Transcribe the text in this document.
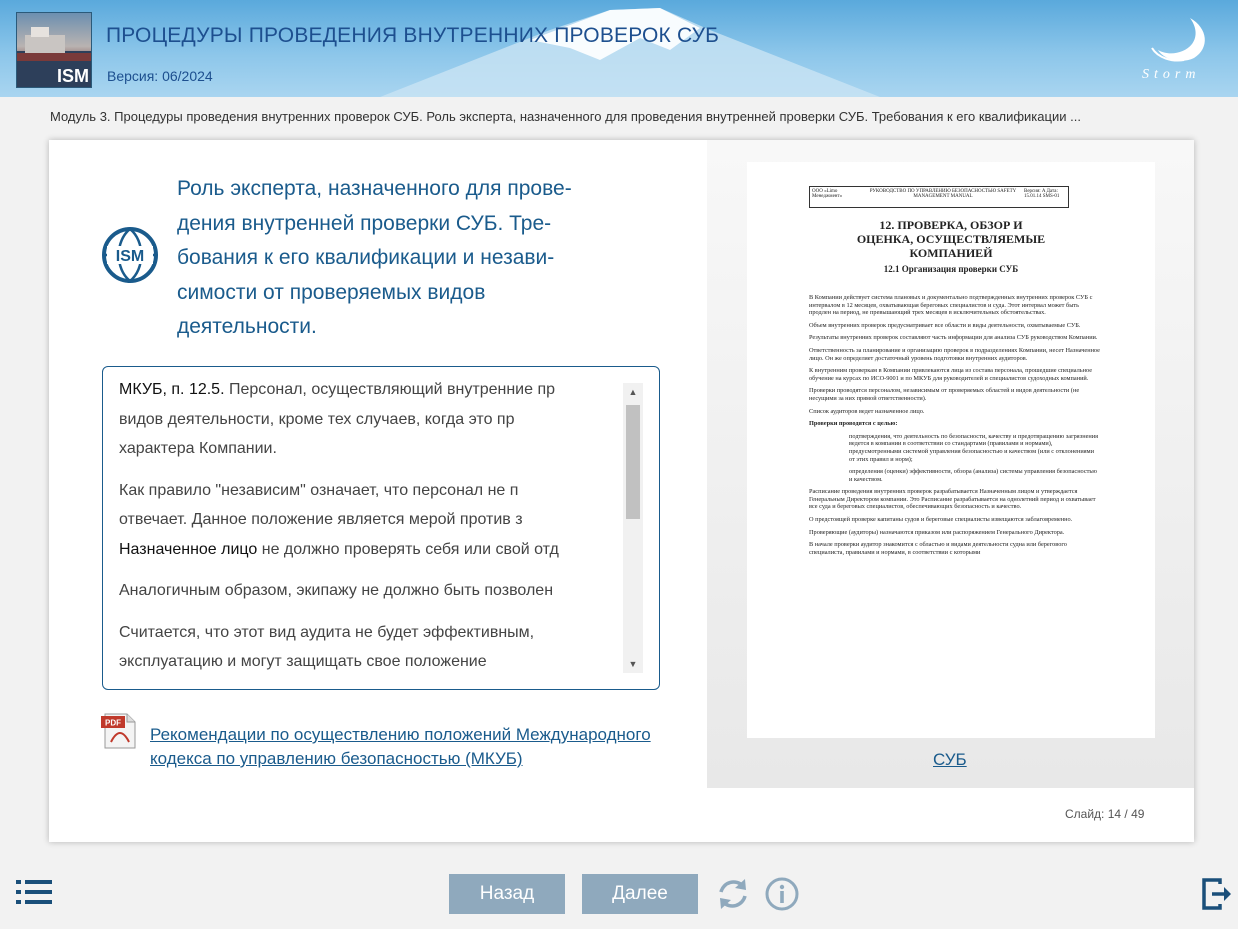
ISM
ПРОЦЕДУРЫ ПРОВЕДЕНИЯ ВНУТРЕННИХ ПРОВЕРОК СУБ
Версия: 06/2024	Storm
Модуль 3. Процедуры проведения внутренних проверок СУБ. Роль эксперта, назначенного для проведения внутренней проверки СУБ. Требования к его квалификации ...
ISM
Роль эксперта, назначенного для прове-
дения внутренней проверки СУБ. Тре-
бования к его квалификации и незави-
симости от проверяемых видов
деятельности.

МКУБ, п. 12.5. Персонал, осуществляющий внутренние пр
видов деятельности, кроме тех случаев, когда это пр
характера Компании.

Как правило "независим" означает, что персонал не п
отвечает. Данное положение является мерой против з
Назначенное лицо не должно проверять себя или свой отд

Аналогичным образом, экипажу не должно быть позволен

Считается, что этот вид аудита не будет эффективным,
эксплуатацию и могут защищать свое положение

▲
▼
PDF
Рекомендации по осуществлению положений Международного кодекса по управлению безопасностью (МКУБ)
ООО «Limo Менеджмент»
РУКОВОДСТВО ПО УПРАВЛЕНИЮ БЕЗОПАСНОСТЬЮ SAFETY MANAGEMENT MANUAL
Версия: A Дата: 15.01.14 SMS-01
12. ПРОВЕРКА, ОБЗОР И ОЦЕНКА, ОСУЩЕСТВЛЯЕМЫЕ КОМПАНИЕЙ
12.1 Организация проверки СУБ

В Компании действует система плановых и документально подтвержденных внутренних проверок СУБ с интервалом в 12 месяцев, охватывающая береговых специалистов и суда. Этот интервал может быть продлен на период, не превышающий трех месяцев в исключительных обстоятельствах.

Объем внутренних проверок предусматривает все области и виды деятельности, охватываемые СУБ.

Результаты внутренних проверок составляют часть информации для анализа СУБ руководством Компании.

Ответственность за планирование и организацию проверок в подразделениях Компании, несет Назначенное лицо. Он же определяет достаточный уровень подготовки внутренних аудиторов.

К внутренним проверкам в Компании привлекаются лица из состава персонала, прошедшие специальное обучение на курсах по ИСО-9001 и по МКУБ для руководителей и специалистов судоходных компаний.

Проверки проводятся персоналом, независимым от проверяемых областей и видов деятельности (не несущими за них прямой ответственности).

Список аудиторов ведет назначенное лицо.

Проверки проводятся с целью:

подтверждения, что деятельность по безопасности, качеству и предотвращению загрязнения ведется в компании в соответствии со стандартами (правилами и нормами), предусмотренными системой управления безопасностью и качеством (или с отклонениями от этих правил и норм);

определения (оценки) эффективности, обзора (анализа) системы управления безопасностью и качеством.

Расписание проведения внутренних проверок разрабатывается Назначенным лицом и утверждается Генеральным Директором компании. Это Расписание разрабатывается на однолетний период и охватывает все суда и береговых специалистов, обеспечивающих безопасность и качество.

О предстоящей проверке капитаны судов и береговые специалисты извещаются заблаговременно.

Проверяющие (аудиторы) назначаются приказом или распоряжением Генерального Директора.

В начале проверки аудитор знакомится с областью и видами деятельности судна или берегового специалиста, правилами и нормами, в соответствии с которыми

СУБ
Слайд: 14 / 49
Назад	Далее
